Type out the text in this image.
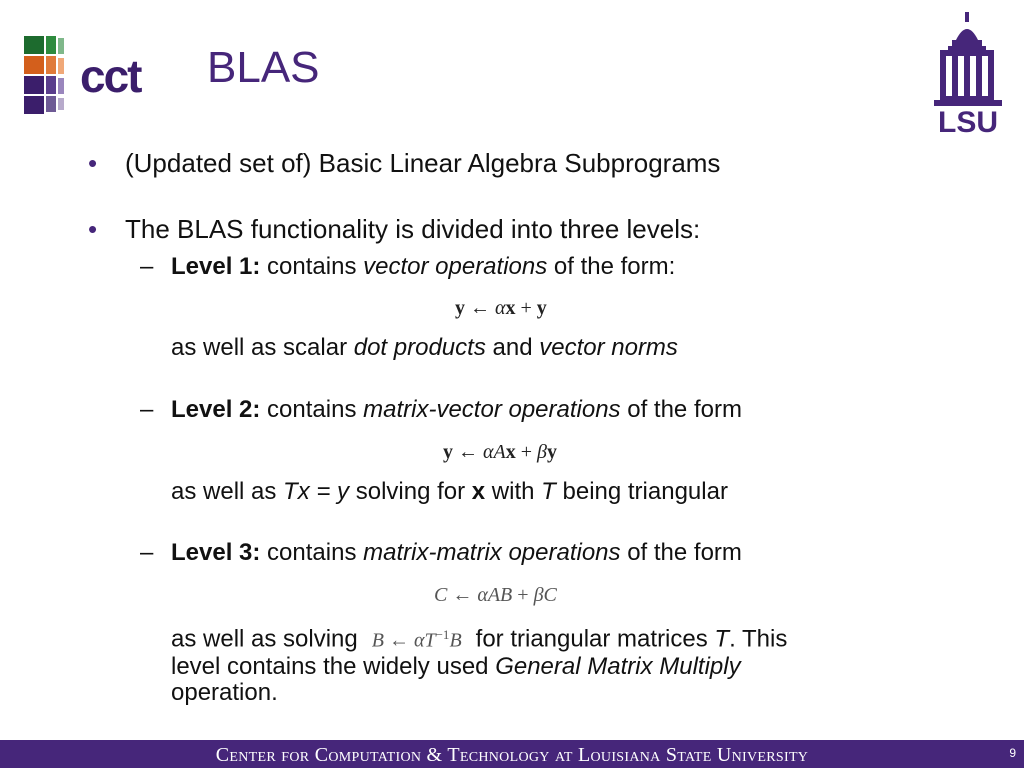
cct BLAS
LSU
• (Updated set of) Basic Linear Algebra Subprograms
• The BLAS functionality is divided into three levels:
– Level 1: contains vector operations of the form:
y ← αx + y
as well as scalar dot products and vector norms
– Level 2: contains matrix-vector operations of the form
y ← αAx + βy
as well as Tx = y solving for x with T being triangular
– Level 3: contains matrix-matrix operations of the form
C ← αAB + βC
as well as solving B ← $\alpha T^{-1}B$ for triangular matrices T. This
level contains the widely used General Matrix Multiply
operation.
Center for Computation & Technology at Louisiana State University	9
